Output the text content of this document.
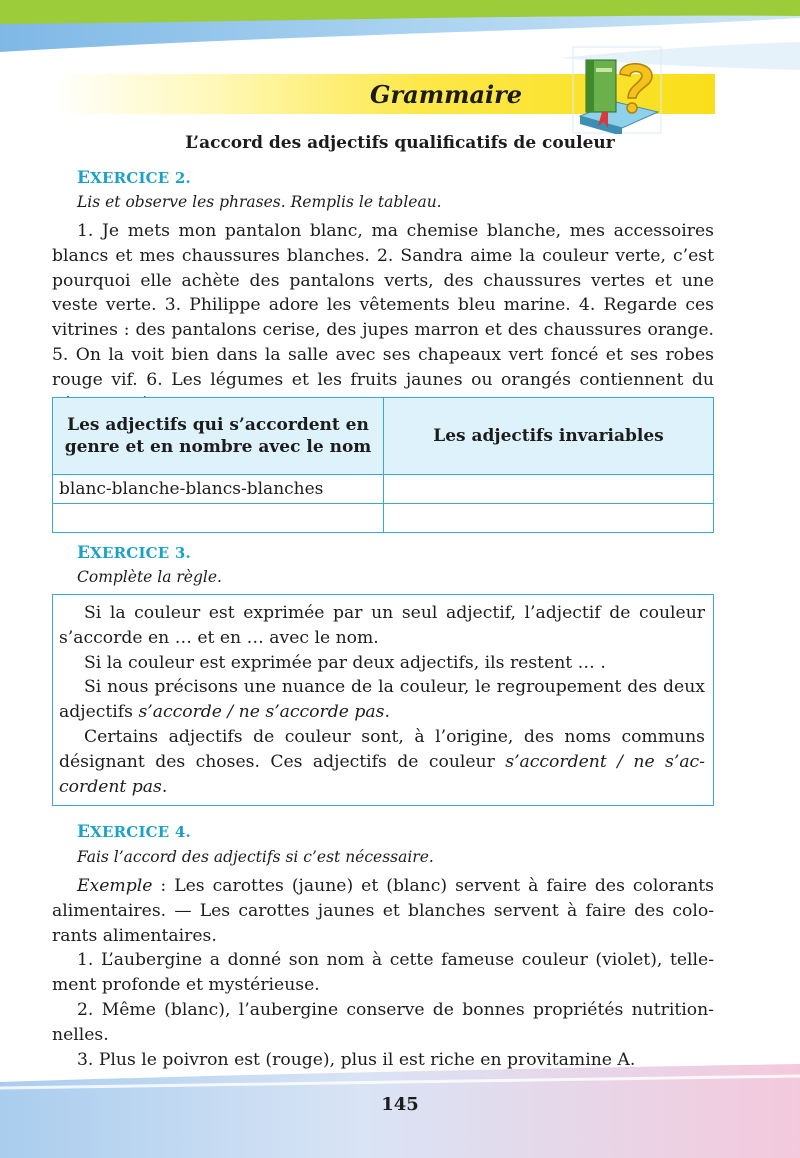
Grammaire
L’accord des adjectifs qualificatifs de couleur
EXERCICE 2.
Lis et observe les phrases. Remplis le tableau.

1. Je mets mon pantalon blanc, ma chemise blanche, mes accessoires blancs et mes chaussures blanches. 2. Sandra aime la couleur verte, c’est pourquoi elle achète des pantalons verts, des chaussures vertes et une veste verte. 3. Philippe adore les vêtements bleu marine. 4. Regarde ces vitrines : des pantalons cerise, des jupes marron et des chaussures orange. 5. On la voit bien dans la salle avec ses chapeaux vert foncé et ses robes rouge vif. 6. Les légumes et les fruits jaunes ou orangés contiennent du

Les adjectifs qui s’accordent en genre et en nombre avec le nom	Les adjectifs invariables
blanc-blanche-blancs-blanches	

EXERCICE 3.
Complète la règle.

Si la couleur est exprimée par un seul adjectif, l’adjectif de couleur s’accorde en … et en … avec le nom.

Si la couleur est exprimée par deux adjectifs, ils restent … .

Si nous précisons une nuance de la couleur, le regroupement des deux adjectifs s’accorde / ne s’accorde pas.

Certains adjectifs de couleur sont, à l’origine, des noms communs désignant des choses. Ces adjectifs de couleur s’accordent / ne s’ac-cordent pas.

EXERCICE 4.
Fais l’accord des adjectifs si c’est nécessaire.

Exemple : Les carottes (jaune) et (blanc) servent à faire des colorants alimentaires. — Les carottes jaunes et blanches servent à faire des colo-rants alimentaires.

1. L’aubergine a donné son nom à cette fameuse couleur (violet), telle-ment profonde et mystérieuse.

2. Même (blanc), l’aubergine conserve de bonnes propriétés nutrition-nelles.

3. Plus le poivron est (rouge), plus il est riche en provitamine A.

145
